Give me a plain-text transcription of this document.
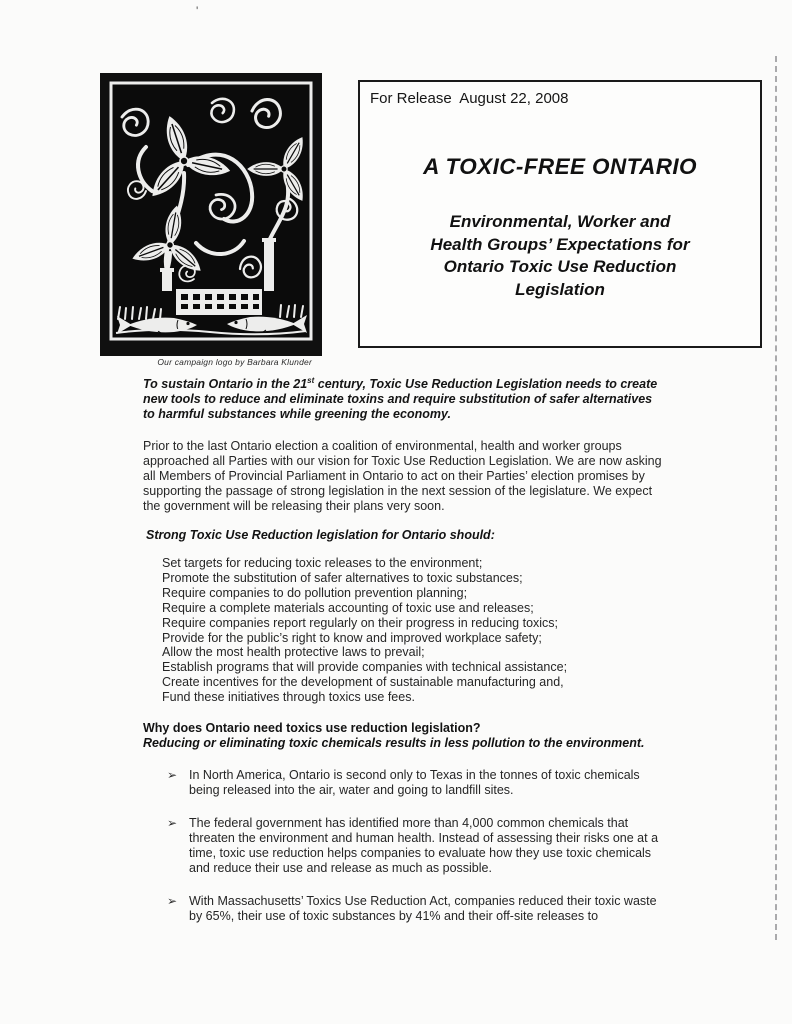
'
Our campaign logo by Barbara Klunder
For Release  August 22, 2008
A TOXIC-FREE ONTARIO
Environmental, Worker and
Health Groups’ Expectations for
Ontario Toxic Use Reduction
Legislation

To sustain Ontario in the 21st century, Toxic Use Reduction Legislation needs to create new tools to reduce and eliminate toxins and require substitution of safer alternatives to harmful substances while greening the economy.

Prior to the last Ontario election a coalition of environmental, health and worker groups approached all Parties with our vision for Toxic Use Reduction Legislation. We are now asking all Members of Provincial Parliament in Ontario to act on their Parties’ election promises by supporting the passage of strong legislation in the next session of the legislature. We expect the government will be releasing their plans very soon.

Strong Toxic Use Reduction legislation for Ontario should:
Set targets for reducing toxic releases to the environment;
Promote the substitution of safer alternatives to toxic substances;
Require companies to do pollution prevention planning;
Require a complete materials accounting of toxic use and releases;
Require companies report regularly on their progress in reducing toxics;
Provide for the public’s right to know and improved workplace safety;
Allow the most health protective laws to prevail;
Establish programs that will provide companies with technical assistance;
Create incentives for the development of sustainable manufacturing and,
Fund these initiatives through toxics use fees.
Why does Ontario need toxics use reduction legislation?
Reducing or eliminating toxic chemicals results in less pollution to the environment.
➢ In North America, Ontario is second only to Texas in the tonnes of toxic chemicals being released into the air, water and going to landfill sites.
➢ The federal government has identified more than 4,000 common chemicals that threaten the environment and human health. Instead of assessing their risks one at a time, toxic use reduction helps companies to evaluate how they use toxic chemicals and reduce their use and release as much as possible.
➢ With Massachusetts’ Toxics Use Reduction Act, companies reduced their toxic waste by 65%, their use of toxic substances by 41% and their off-site releases to
